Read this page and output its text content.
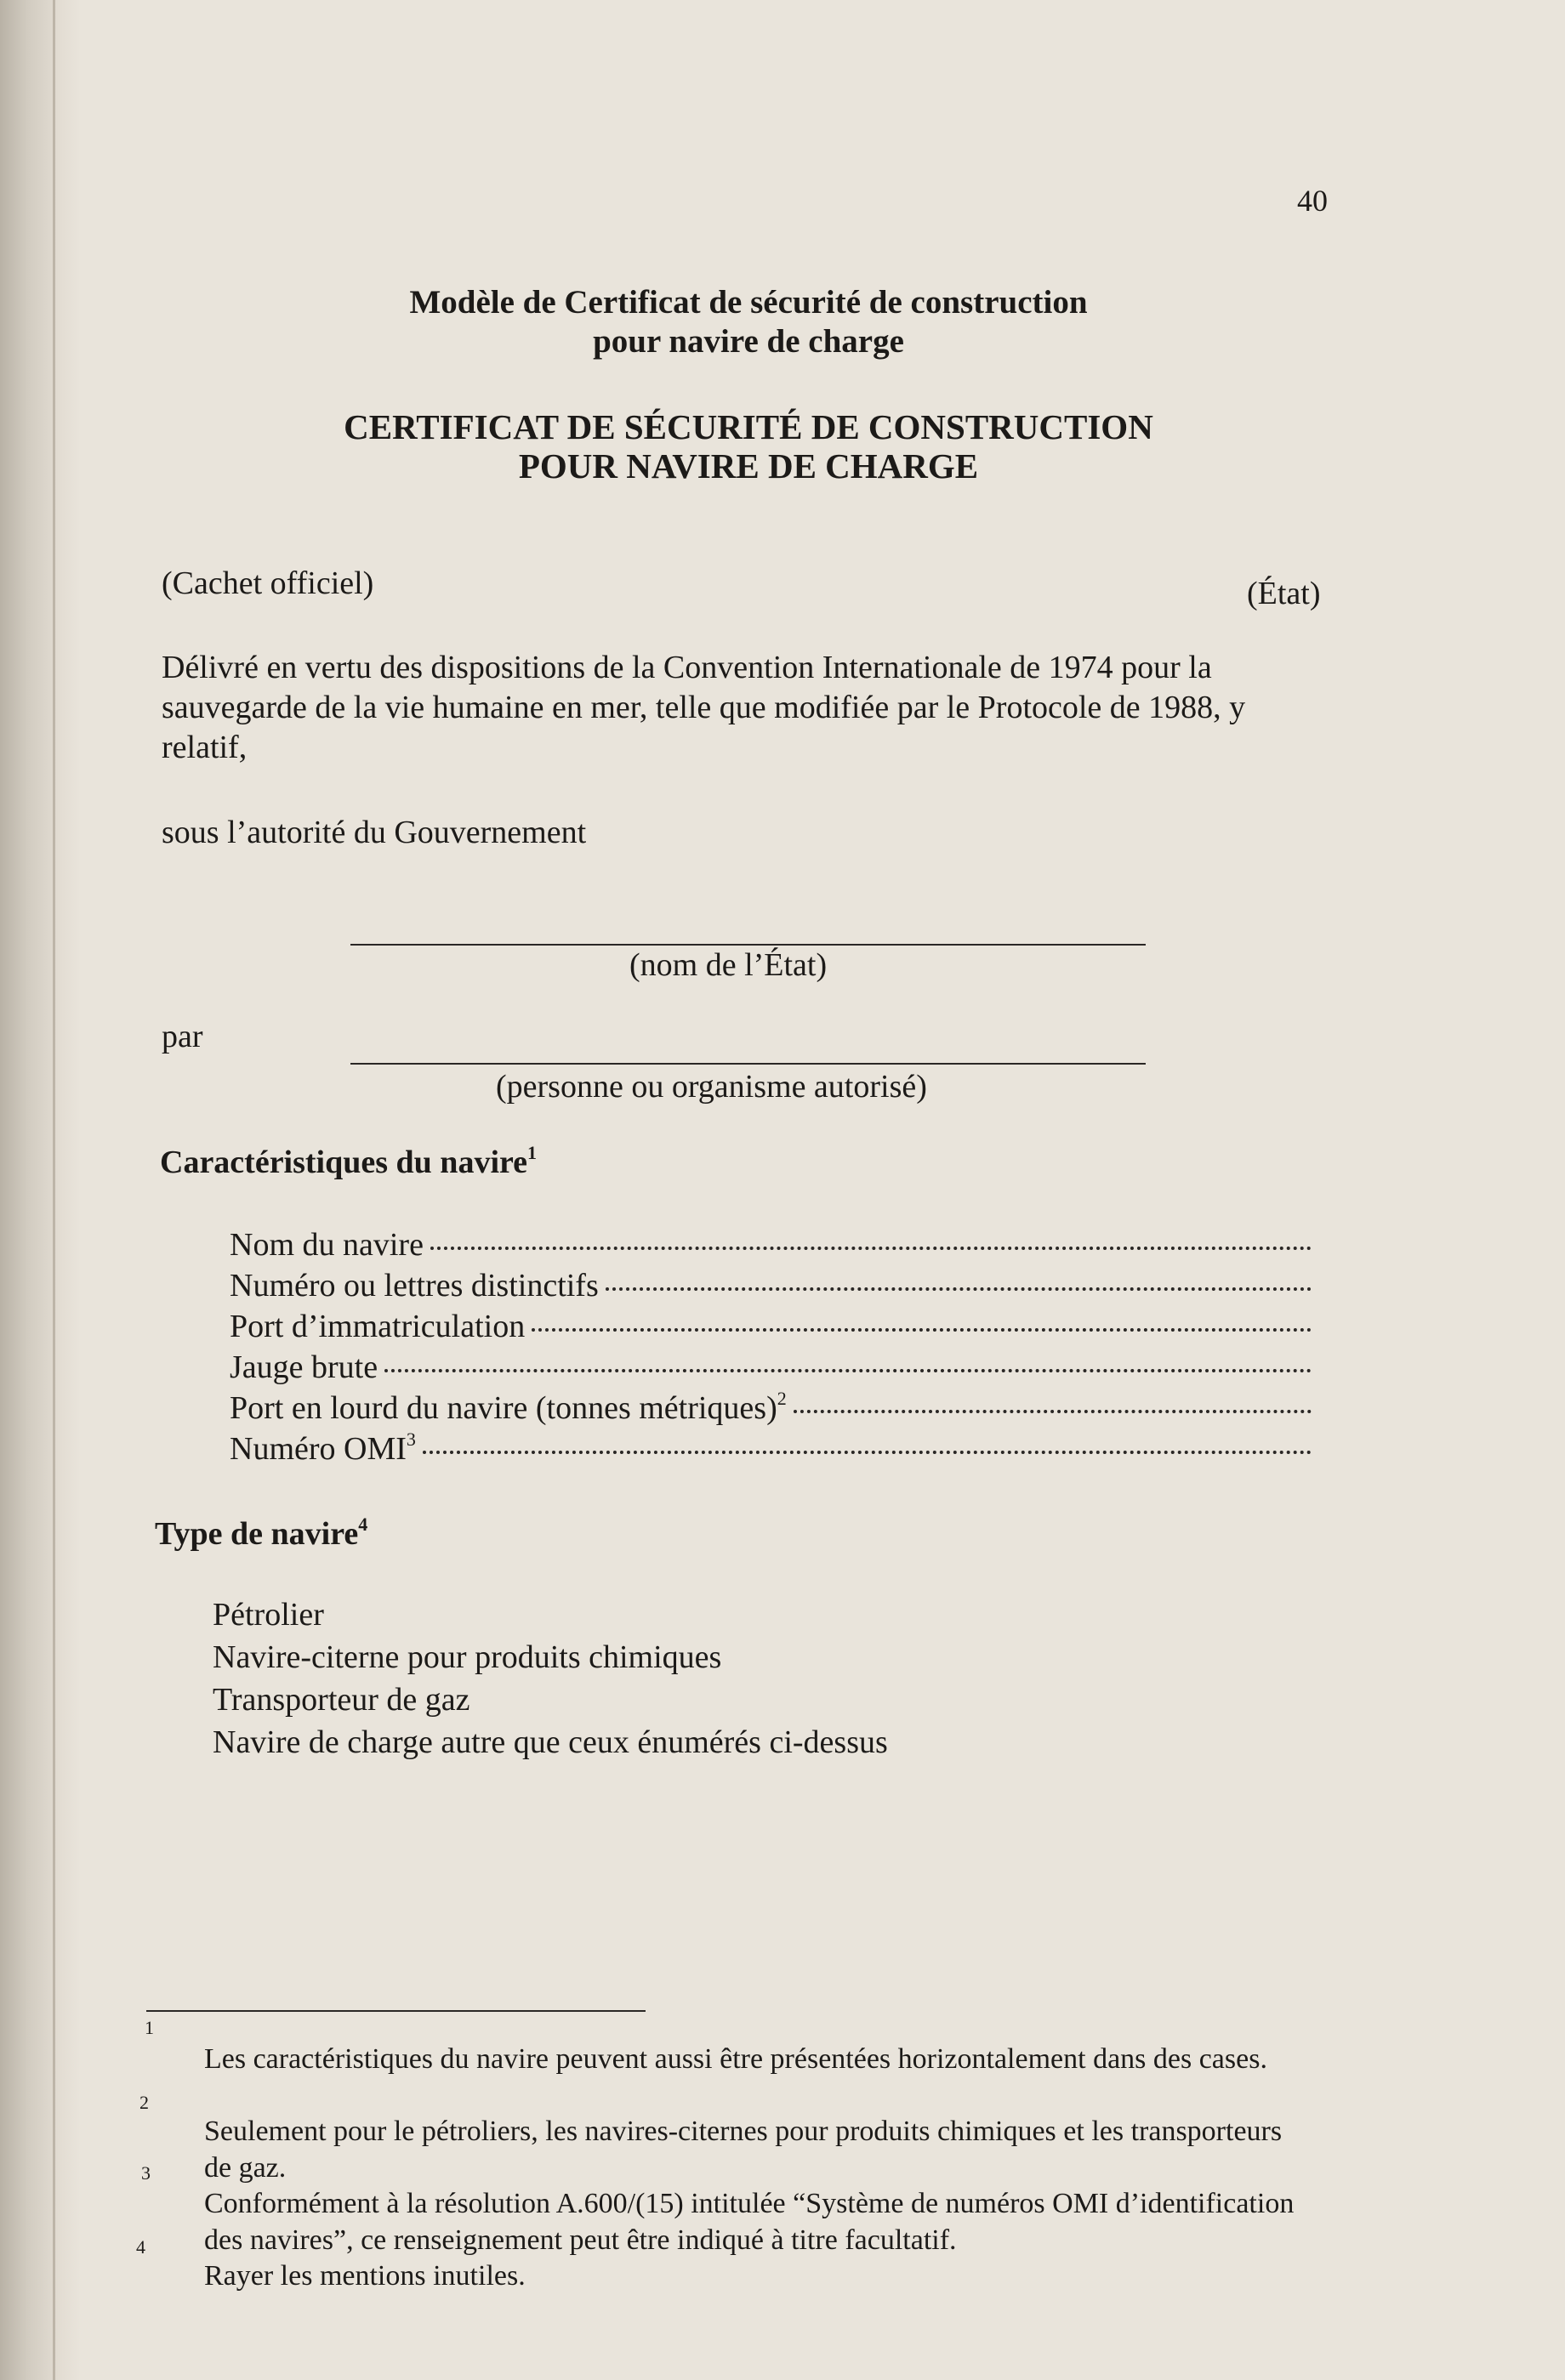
40
Modèle de Certificat de sécurité de construction
pour navire de charge
CERTIFICAT DE SÉCURITÉ DE CONSTRUCTION
POUR NAVIRE DE CHARGE
(Cachet officiel)	(État)
Délivré en vertu des dispositions de la Convention Internationale de 1974 pour la sauvegarde de la vie humaine en mer, telle que modifiée par le Protocole de 1988, y relatif,
sous l’autorité du Gouvernement
(nom de l’État)
par
(personne ou organisme autorisé)
Caractéristiques du navire$^1$
Nom du navire
Numéro ou lettres distinctifs
Port d’immatriculation
Jauge brute
Port en lourd du navire (tonnes métriques)$^2$
Numéro OMI$^3$
Type de navire$^4$
Pétrolier
Navire-citerne pour produits chimiques
Transporteur de gaz
Navire de charge autre que ceux énumérés ci-dessus
1
Les caractéristiques du navire peuvent aussi être présentées horizontalement dans des cases.
2
Seulement pour le pétroliers, les navires-citernes pour produits chimiques et les transporteurs de gaz.
3
Conformément à la résolution A.600/(15) intitulée “Système de numéros OMI d’identification des navires”, ce renseignement peut être indiqué à titre facultatif.
4
Rayer les mentions inutiles.
